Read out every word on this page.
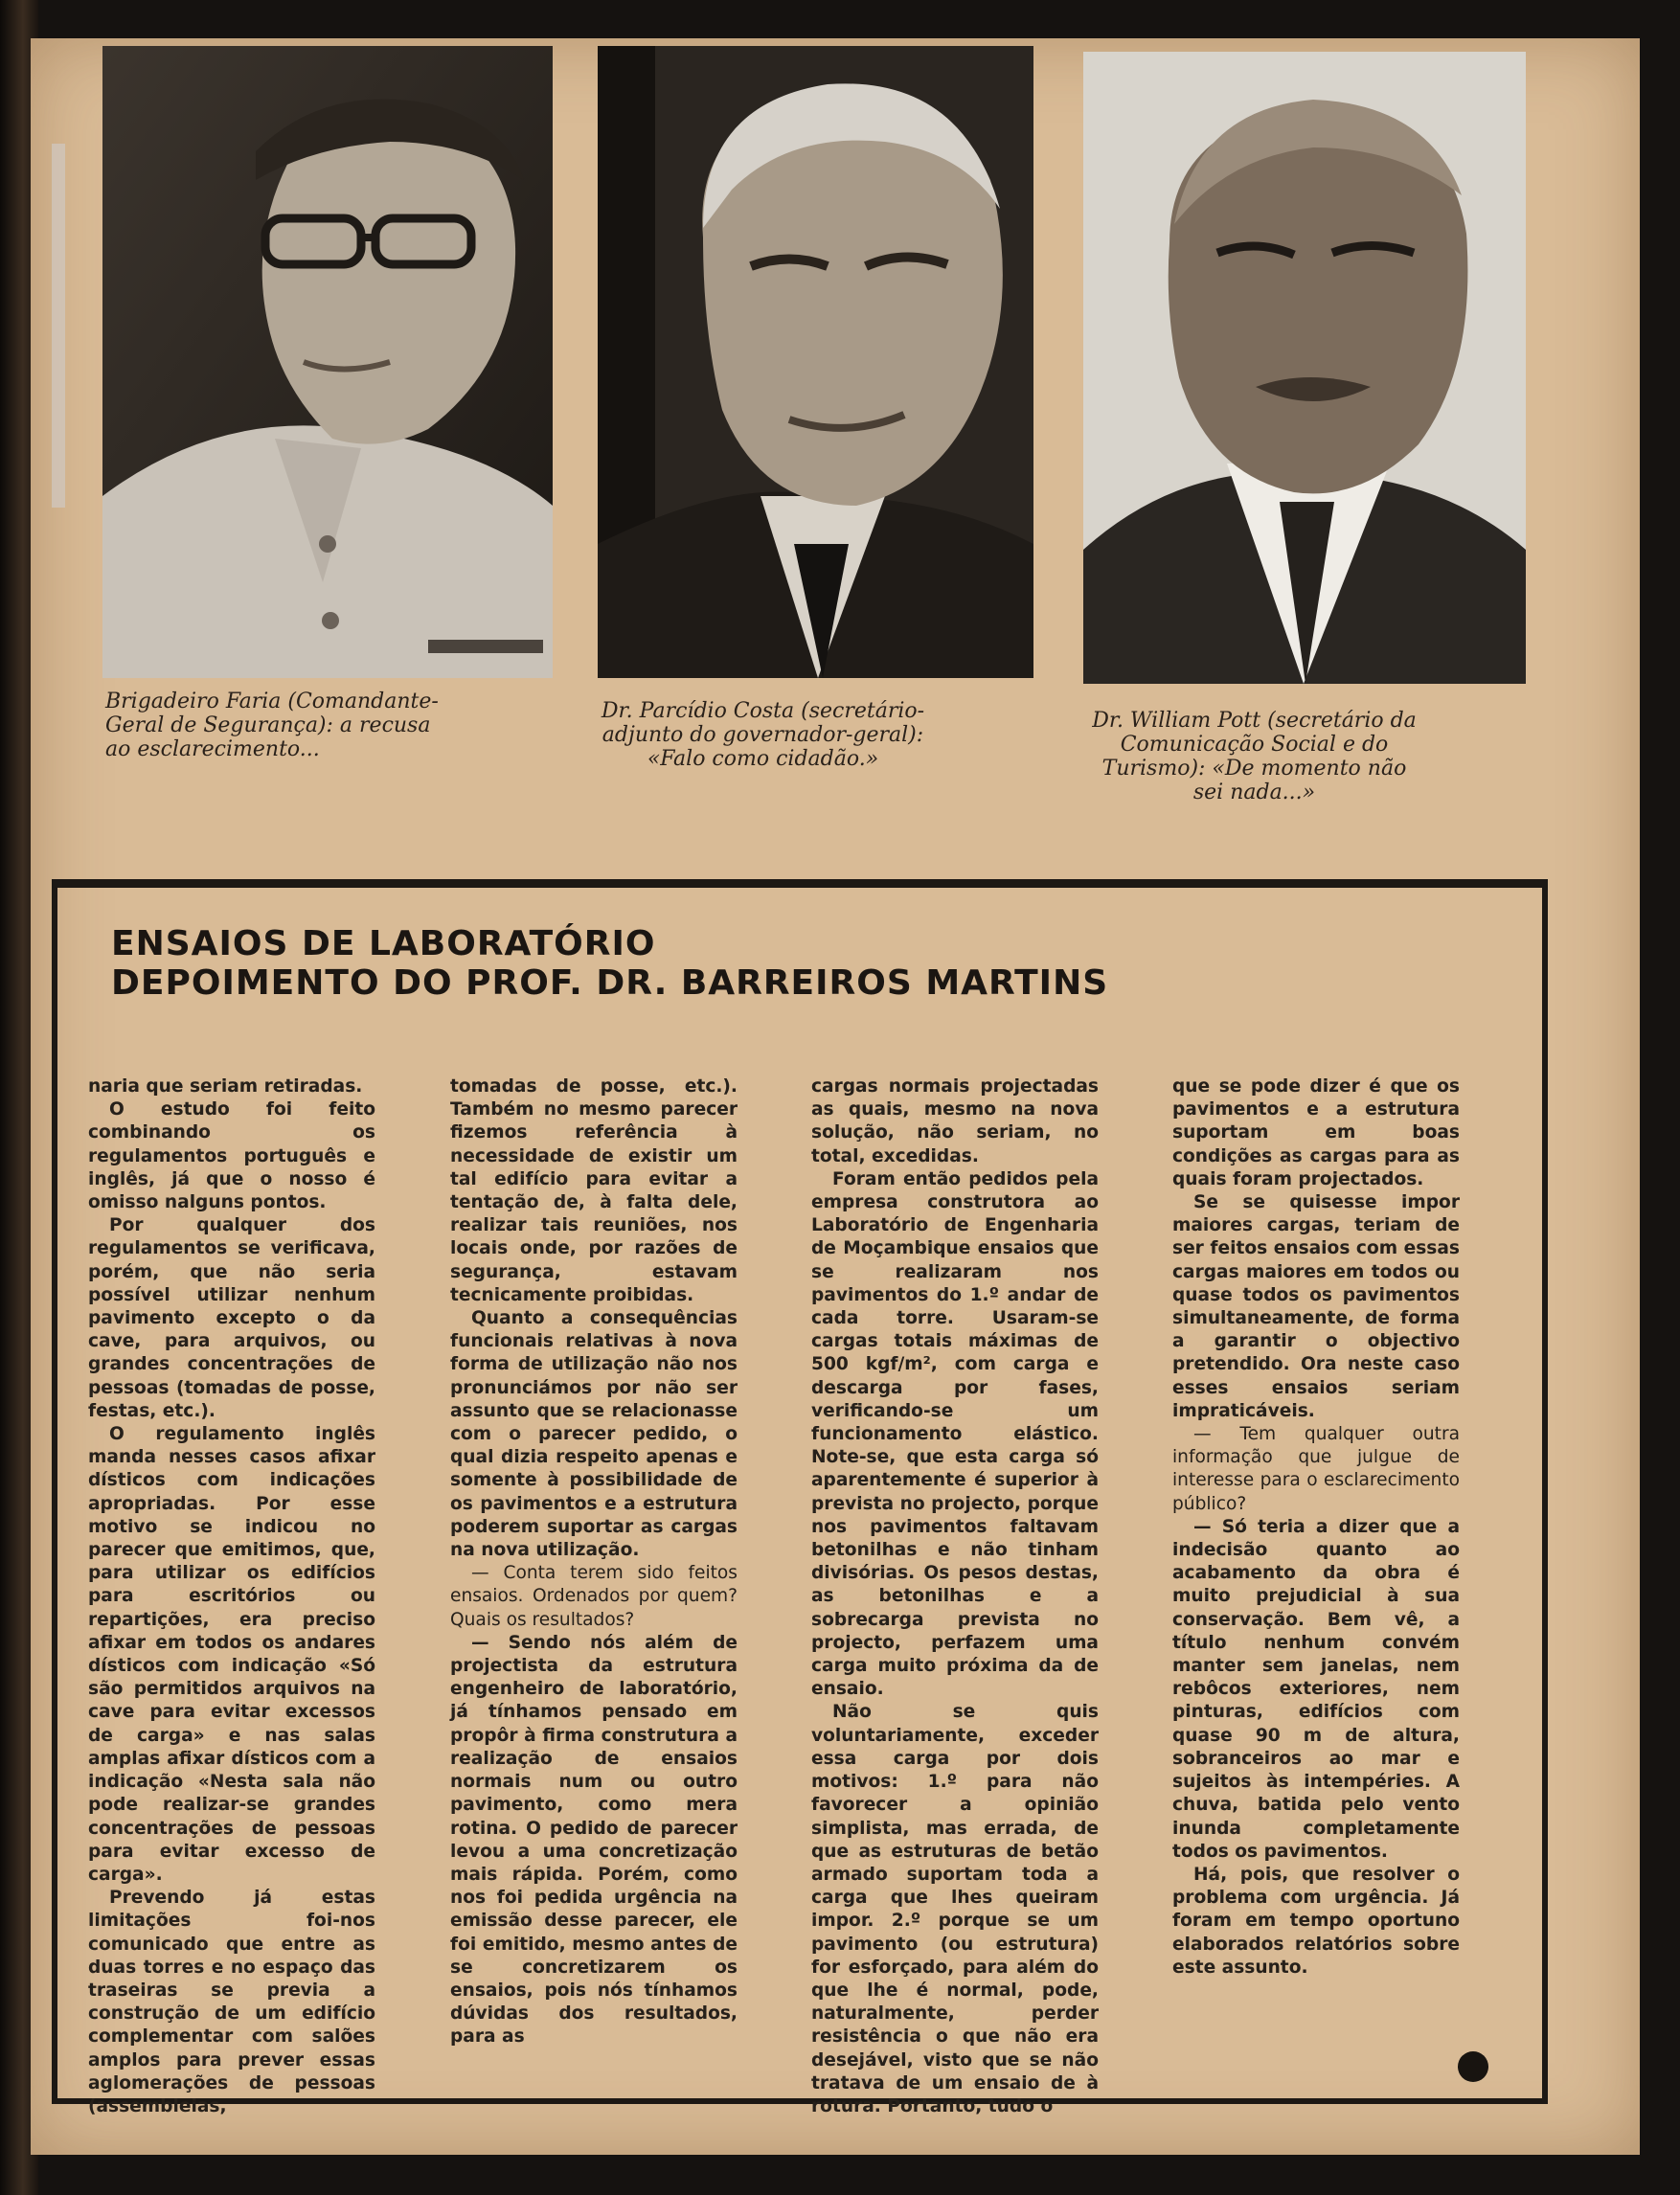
Brigadeiro Faria (Comandante-Geral de Segurança): a recusa ao esclarecimento...
Dr. Parcídio Costa (secretário-adjunto do governador-geral): «Falo como cidadão.»
Dr. William Pott (secretário da Comunicação Social e do Turismo): «De momento não sei nada...»
ENSAIOS DE LABORATÓRIO
DEPOIMENTO DO PROF. DR. BARREIROS MARTINS

naria que seriam retiradas.

O estudo foi feito combinando os regulamentos português e inglês, já que o nosso é omisso nalguns pontos.

Por qualquer dos regulamentos se verificava, porém, que não seria possível utilizar nenhum pavimento excepto o da cave, para arquivos, ou grandes concentrações de pessoas (tomadas de posse, festas, etc.).

O regulamento inglês manda nesses casos afixar dísticos com indicações apropriadas. Por esse motivo se indicou no parecer que emitimos, que, para utilizar os edifícios para escritórios ou repartições, era preciso afixar em todos os andares dísticos com indicação «Só são permitidos arquivos na cave para evitar excessos de carga» e nas salas amplas afixar dísticos com a indicação «Nesta sala não pode realizar-se grandes concentrações de pessoas para evitar excesso de carga».

Prevendo já estas limitações foi-nos comunicado que entre as duas torres e no espaço das traseiras se previa a construção de um edifício complementar com salões amplos para prever essas aglomerações de pessoas (assembleias,

tomadas de posse, etc.). Também no mesmo parecer fizemos referência à necessidade de existir um tal edifício para evitar a tentação de, à falta dele, realizar tais reuniões, nos locais onde, por razões de segurança, estavam tecnicamente proibidas.

Quanto a consequências funcionais relativas à nova forma de utilização não nos pronunciámos por não ser assunto que se relacionasse com o parecer pedido, o qual dizia respeito apenas e somente à possibilidade de os pavimentos e a estrutura poderem suportar as cargas na nova utilização.

— Conta terem sido feitos ensaios. Ordenados por quem? Quais os resultados?

— Sendo nós além de projectista da estrutura engenheiro de laboratório, já tínhamos pensado em propôr à firma construtura a realização de ensaios normais num ou outro pavimento, como mera rotina. O pedido de parecer levou a uma concretização mais rápida. Porém, como nos foi pedida urgência na emissão desse parecer, ele foi emitido, mesmo antes de se concretizarem os ensaios, pois nós tínhamos dúvidas dos resultados, para as

cargas normais projectadas as quais, mesmo na nova solução, não seriam, no total, excedidas.

Foram então pedidos pela empresa construtora ao Laboratório de Engenharia de Moçambique ensaios que se realizaram nos pavimentos do 1.º andar de cada torre. Usaram-se cargas totais máximas de 500 kgf/m², com carga e descarga por fases, verificando-se um funcionamento elástico. Note-se, que esta carga só aparentemente é superior à prevista no projecto, porque nos pavimentos faltavam betonilhas e não tinham divisórias. Os pesos destas, as betonilhas e a sobrecarga prevista no projecto, perfazem uma carga muito próxima da de ensaio.

Não se quis voluntariamente, exceder essa carga por dois motivos: 1.º para não favorecer a opinião simplista, mas errada, de que as estruturas de betão armado suportam toda a carga que lhes queiram impor. 2.º porque se um pavimento (ou estrutura) for esforçado, para além do que lhe é normal, pode, naturalmente, perder resistência o que não era desejável, visto que se não tratava de um ensaio de à rotura. Portanto, tudo o

que se pode dizer é que os pavimentos e a estrutura suportam em boas condições as cargas para as quais foram projectados.

Se se quisesse impor maiores cargas, teriam de ser feitos ensaios com essas cargas maiores em todos ou quase todos os pavimentos simultaneamente, de forma a garantir o objectivo pretendido. Ora neste caso esses ensaios seriam impraticáveis.

— Tem qualquer outra informação que julgue de interesse para o esclarecimento público?

— Só teria a dizer que a indecisão quanto ao acabamento da obra é muito prejudicial à sua conservação. Bem vê, a título nenhum convém manter sem janelas, nem rebôcos exteriores, nem pinturas, edifícios com quase 90 m de altura, sobranceiros ao mar e sujeitos às intempéries. A chuva, batida pelo vento inunda completamente todos os pavimentos.

Há, pois, que resolver o problema com urgência. Já foram em tempo oportuno elaborados relatórios sobre este assunto.
